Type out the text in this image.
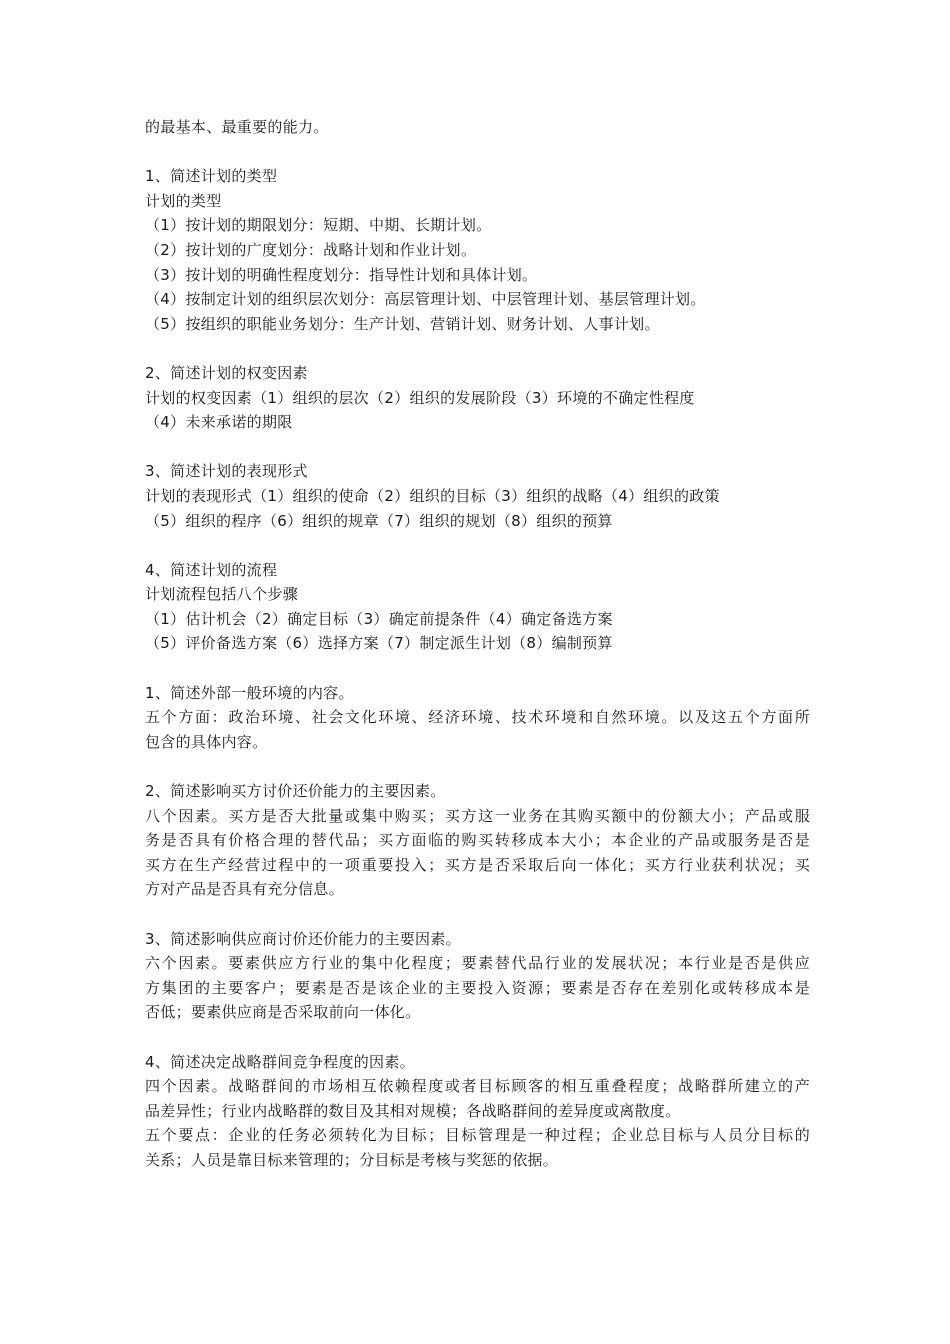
的最基本、最重要的能力。
1、简述计划的类型
计划的类型
（1）按计划的期限划分：短期、中期、长期计划。
（2）按计划的广度划分：战略计划和作业计划。
（3）按计划的明确性程度划分：指导性计划和具体计划。
（4）按制定计划的组织层次划分：高层管理计划、中层管理计划、基层管理计划。
（5）按组织的职能业务划分：生产计划、营销计划、财务计划、人事计划。
2、简述计划的权变因素
计划的权变因素（1）组织的层次（2）组织的发展阶段（3）环境的不确定性程度
（4）未来承诺的期限
3、简述计划的表现形式
计划的表现形式（1）组织的使命（2）组织的目标（3）组织的战略（4）组织的政策
（5）组织的程序（6）组织的规章（7）组织的规划（8）组织的预算
4、简述计划的流程
计划流程包括八个步骤
（1）估计机会（2）确定目标（3）确定前提条件（4）确定备选方案
（5）评价备选方案（6）选择方案（7）制定派生计划（8）编制预算
1、简述外部一般环境的内容。
五个方面：政治环境、社会文化环境、经济环境、技术环境和自然环境。以及这五个方面所
包含的具体内容。
2、简述影响买方讨价还价能力的主要因素。
八个因素。买方是否大批量或集中购买；买方这一业务在其购买额中的份额大小；产品或服
务是否具有价格合理的替代品；买方面临的购买转移成本大小；本企业的产品或服务是否是
买方在生产经营过程中的一项重要投入；买方是否采取后向一体化；买方行业获利状况；买
方对产品是否具有充分信息。
3、简述影响供应商讨价还价能力的主要因素。
六个因素。要素供应方行业的集中化程度；要素替代品行业的发展状况；本行业是否是供应
方集团的主要客户；要素是否是该企业的主要投入资源；要素是否存在差别化或转移成本是
否低；要素供应商是否采取前向一体化。
4、简述决定战略群间竞争程度的因素。
四个因素。战略群间的市场相互依赖程度或者目标顾客的相互重叠程度；战略群所建立的产
品差异性；行业内战略群的数目及其相对规模；各战略群间的差异度或离散度。
五个要点：企业的任务必须转化为目标；目标管理是一种过程；企业总目标与人员分目标的
关系；人员是靠目标来管理的；分目标是考核与奖惩的依据。
